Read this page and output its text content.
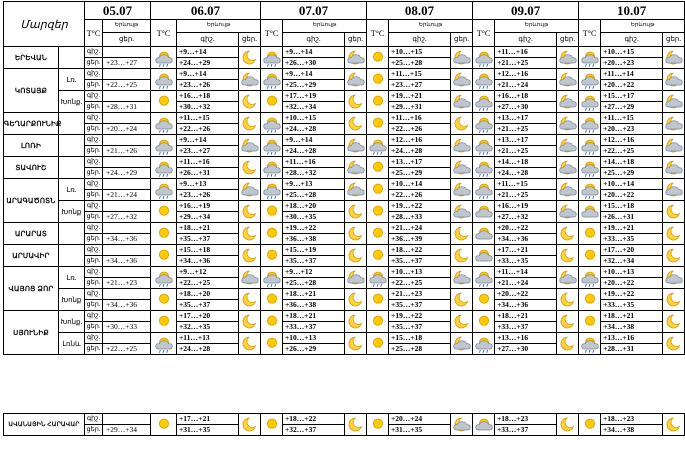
Մարզեր		05.07		06.07			07.07			08.07			09.07			10.07			
		T°C	Երևույթ	T°C	Երևույթ		T°C	Երևույթ		T°C	Երևույթ		T°C	Երևույթ		T°C	Երևույթ		
			ցեր.		գիշ.	ցեր.		գիշ.	ցեր.		գիշ.	ցեր.		գիշ.	ցեր.		գիշ.	ցեր.	
ԵՐԵՎԱՆ		գիշ.			+9…+14			+9…+14			+10…+15			+11…+16			+10…+15	

		ցեր.	+23…+27		+24…+29			+26…+30			+25…+28			+21…+25			+20…+23		
ԿՈՏԱՅՔ	Լռ.	գիշ.			+9…+14			+9…+14			+11…+15			+12…+16			+11…+14	

		ցեր.	+22…+25		+23…+26			+25…+29			+23…+27			+21…+24			+20…+22		
	Խոնք.	գիշ.			+16…+18			+17…+19			+19…+21			+16…+18			+15…+17	

		ցեր.	+28…+31		+30…+32			+32…+34			+29…+31			+27…+30			+27…+29		
ԳԵՂԱՐՔՈՒՆԻՔ		գիշ.			+11…+15			+10…+15			+11…+16			+13…+17			+11…+15	

		ցեր.	+20…+24		+22…+26			+24…+28			+22…+26			+21…+25			+20…+23		
ԼՈՌԻ		գիշ.			+9…+14			+9…+14			+12…+16			+13…+17			+12…+16	

		ցեր.	+21…+26		+23…+27			+24…+28			+24…+28			+21…+25			+22…+25		
ՏԱՎՈՒՇ		գիշ.			+11…+16			+11…+16			+13…+17			+14…+18			+14…+18	

		ցեր.	+24…+29		+26…+31			+28…+32			+25…+29			+24…+28			+25…+29		
ԱՐԱԳԱԾՈՏՆ	Լռ.	գիշ.			+9…+13			+9…+13			+10…+14			+11…+15			+10…+14	

		ցեր.	+21…+24		+23…+26			+25…+28			+22…+26			+21…+25			+20…+22		
	Խոնք	գիշ.			+16…+19			+18…+20			+19…+22			+16…+19			+15…+18	

		ցեր.	+27…+32		+29…+34			+30…+35			+28…+33			+27…+32			+26…+31		
ԱՐԱՐԱՏ		գիշ.			+18…+21			+19…+22			+21…+24			+20…+22			+19…+21	

		ցեր.	+34…+36		+35…+37			+36…+38			+36…+39			+34…+36			+33…+35		
ԱՐՄԱՎԻՐ		գիշ.			+15…+18			+15…+19			+18…+22			+17…+21			+17…+20	

		ցեր.	+34…+36		+34…+36			+35…+37			+35…+37			+33…+35			+32…+34		
ՎԱՅՈՑ ՁՈՐ	Լռ.	գիշ.			+9…+12			+9…+12			+10…+13			+11…+14			+10…+13	

		ցեր.	+21…+23		+22…+25			+25…+28			+22…+25			+21…+24			+20…+22		
	Խոնք	գիշ.			+18…+20			+18…+21			+21…+23			+20…+22			+19…+22	

		ցեր.	+34…+36		+35…+37			+36…+38			+35…+37			+34…+36			+33…+35		
ՍՅՈՒՆԻՔ	Խոնք.	գիշ.			+17…+20			+18…+21			+19…+22			+18…+21			+18…+21	

		ցեր.	+30…+33		+32…+35			+33…+37			+35…+37			+33…+37			+34…+38		
	Լռնև	գիշ.			+11…+13			+10…+13			+15…+18			+13…+16			+13…+16	

		ցեր.	+22…+25		+24…+28			+26…+29			+25…+28			+27…+30			+28…+31		
ԱՎԱՆԱՅԻՆ ՀԱՐԱՎԱՐ	գիշ.			+17…+21			+18…+22			+20…+24			+18…+23			+18…+23	

	ցեր.	+29…+34		+31…+35			+32…+37			+31…+35			+33…+37			+34…+38		
